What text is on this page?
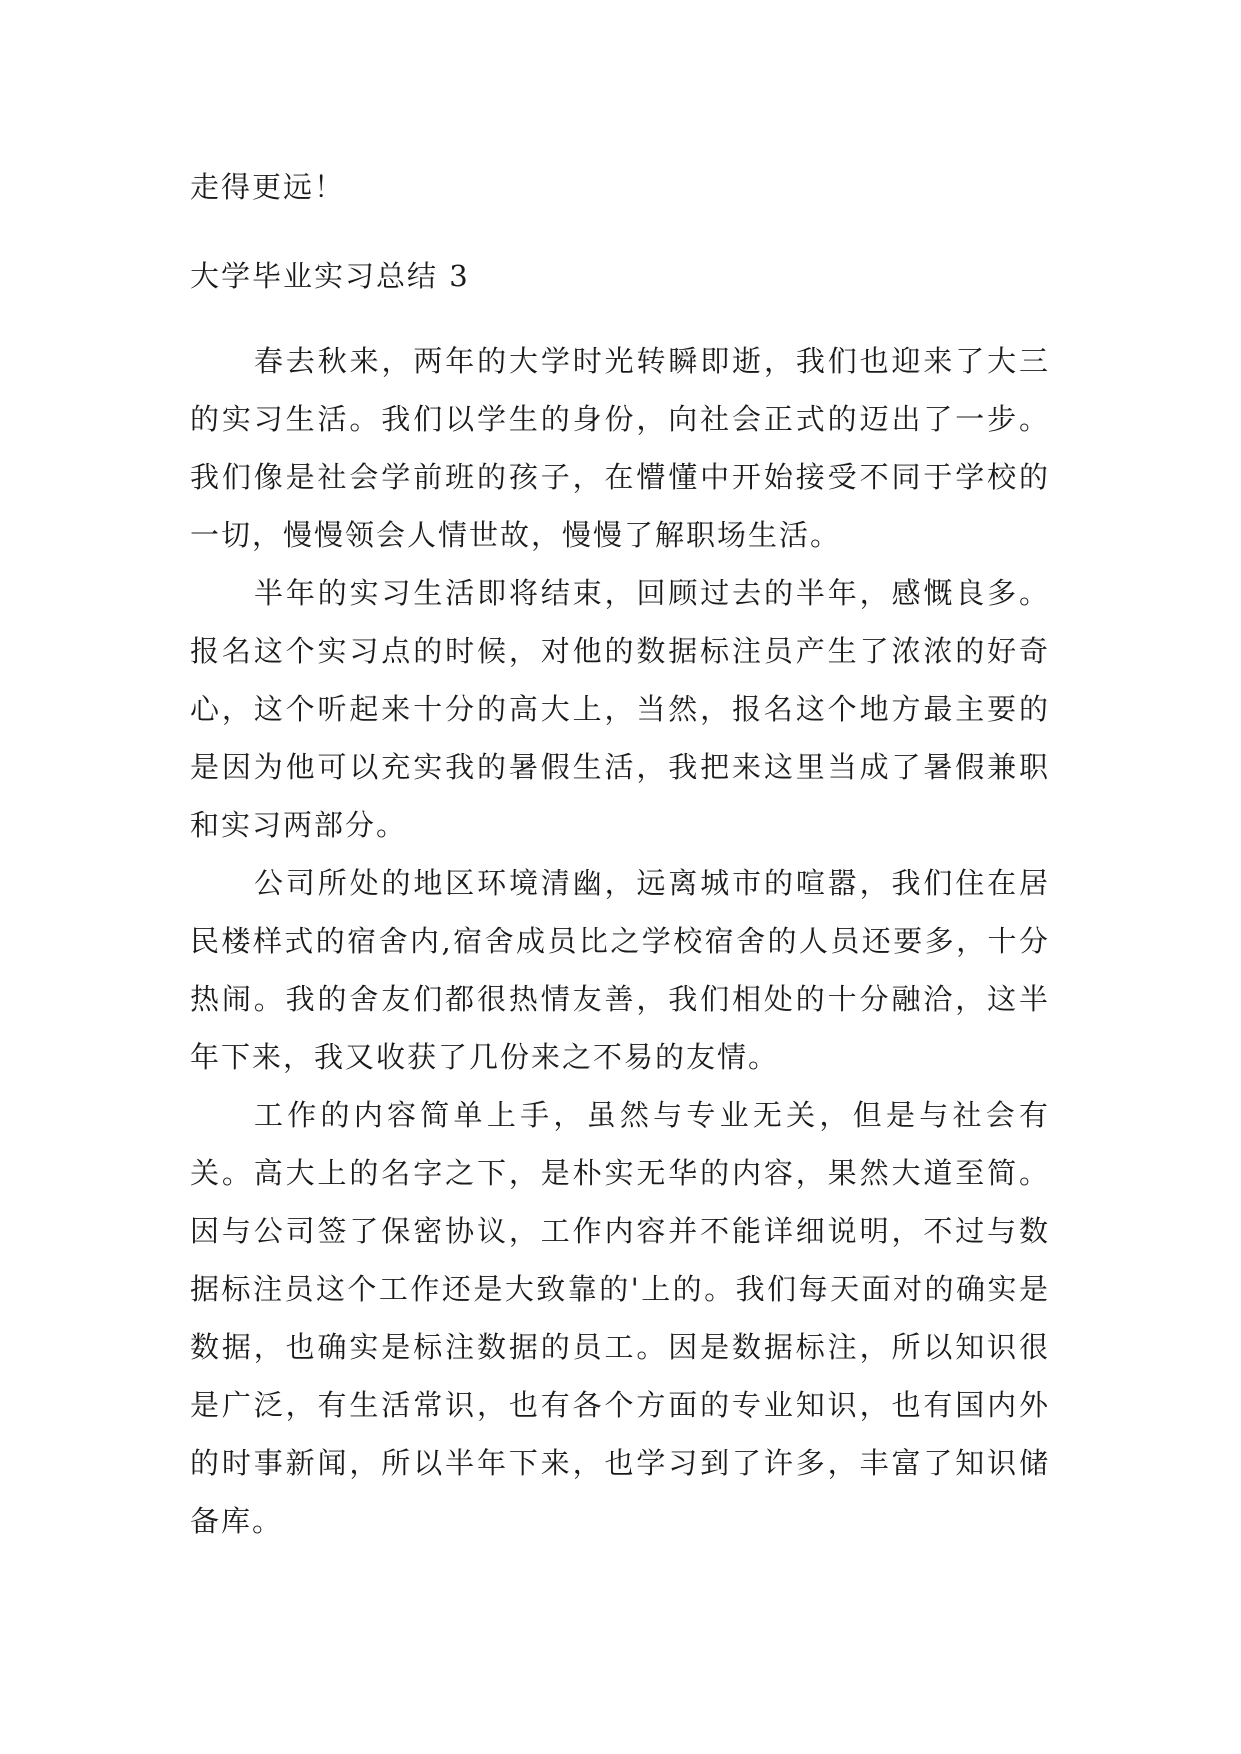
走得更远！
大学毕业实习总结 3

春去秋来，两年的大学时光转瞬即逝，我们也迎来了大三的实习生活。我们以学生的身份，向社会正式的迈出了一步。我们像是社会学前班的孩子，在懵懂中开始接受不同于学校的一切，慢慢领会人情世故，慢慢了解职场生活。

半年的实习生活即将结束，回顾过去的半年，感慨良多。报名这个实习点的时候，对他的数据标注员产生了浓浓的好奇心，这个听起来十分的高大上，当然，报名这个地方最主要的是因为他可以充实我的暑假生活，我把来这里当成了暑假兼职和实习两部分。

公司所处的地区环境清幽，远离城市的喧嚣，我们住在居民楼样式的宿舍内,宿舍成员比之学校宿舍的人员还要多，十分热闹。我的舍友们都很热情友善，我们相处的十分融洽，这半年下来，我又收获了几份来之不易的友情。

工作的内容简单上手，虽然与专业无关，但是与社会有关。高大上的名字之下，是朴实无华的内容，果然大道至简。因与公司签了保密协议，工作内容并不能详细说明，不过与数据标注员这个工作还是大致靠的'上的。我们每天面对的确实是数据，也确实是标注数据的员工。因是数据标注，所以知识很是广泛，有生活常识，也有各个方面的专业知识，也有国内外的时事新闻，所以半年下来，也学习到了许多，丰富了知识储备库。
